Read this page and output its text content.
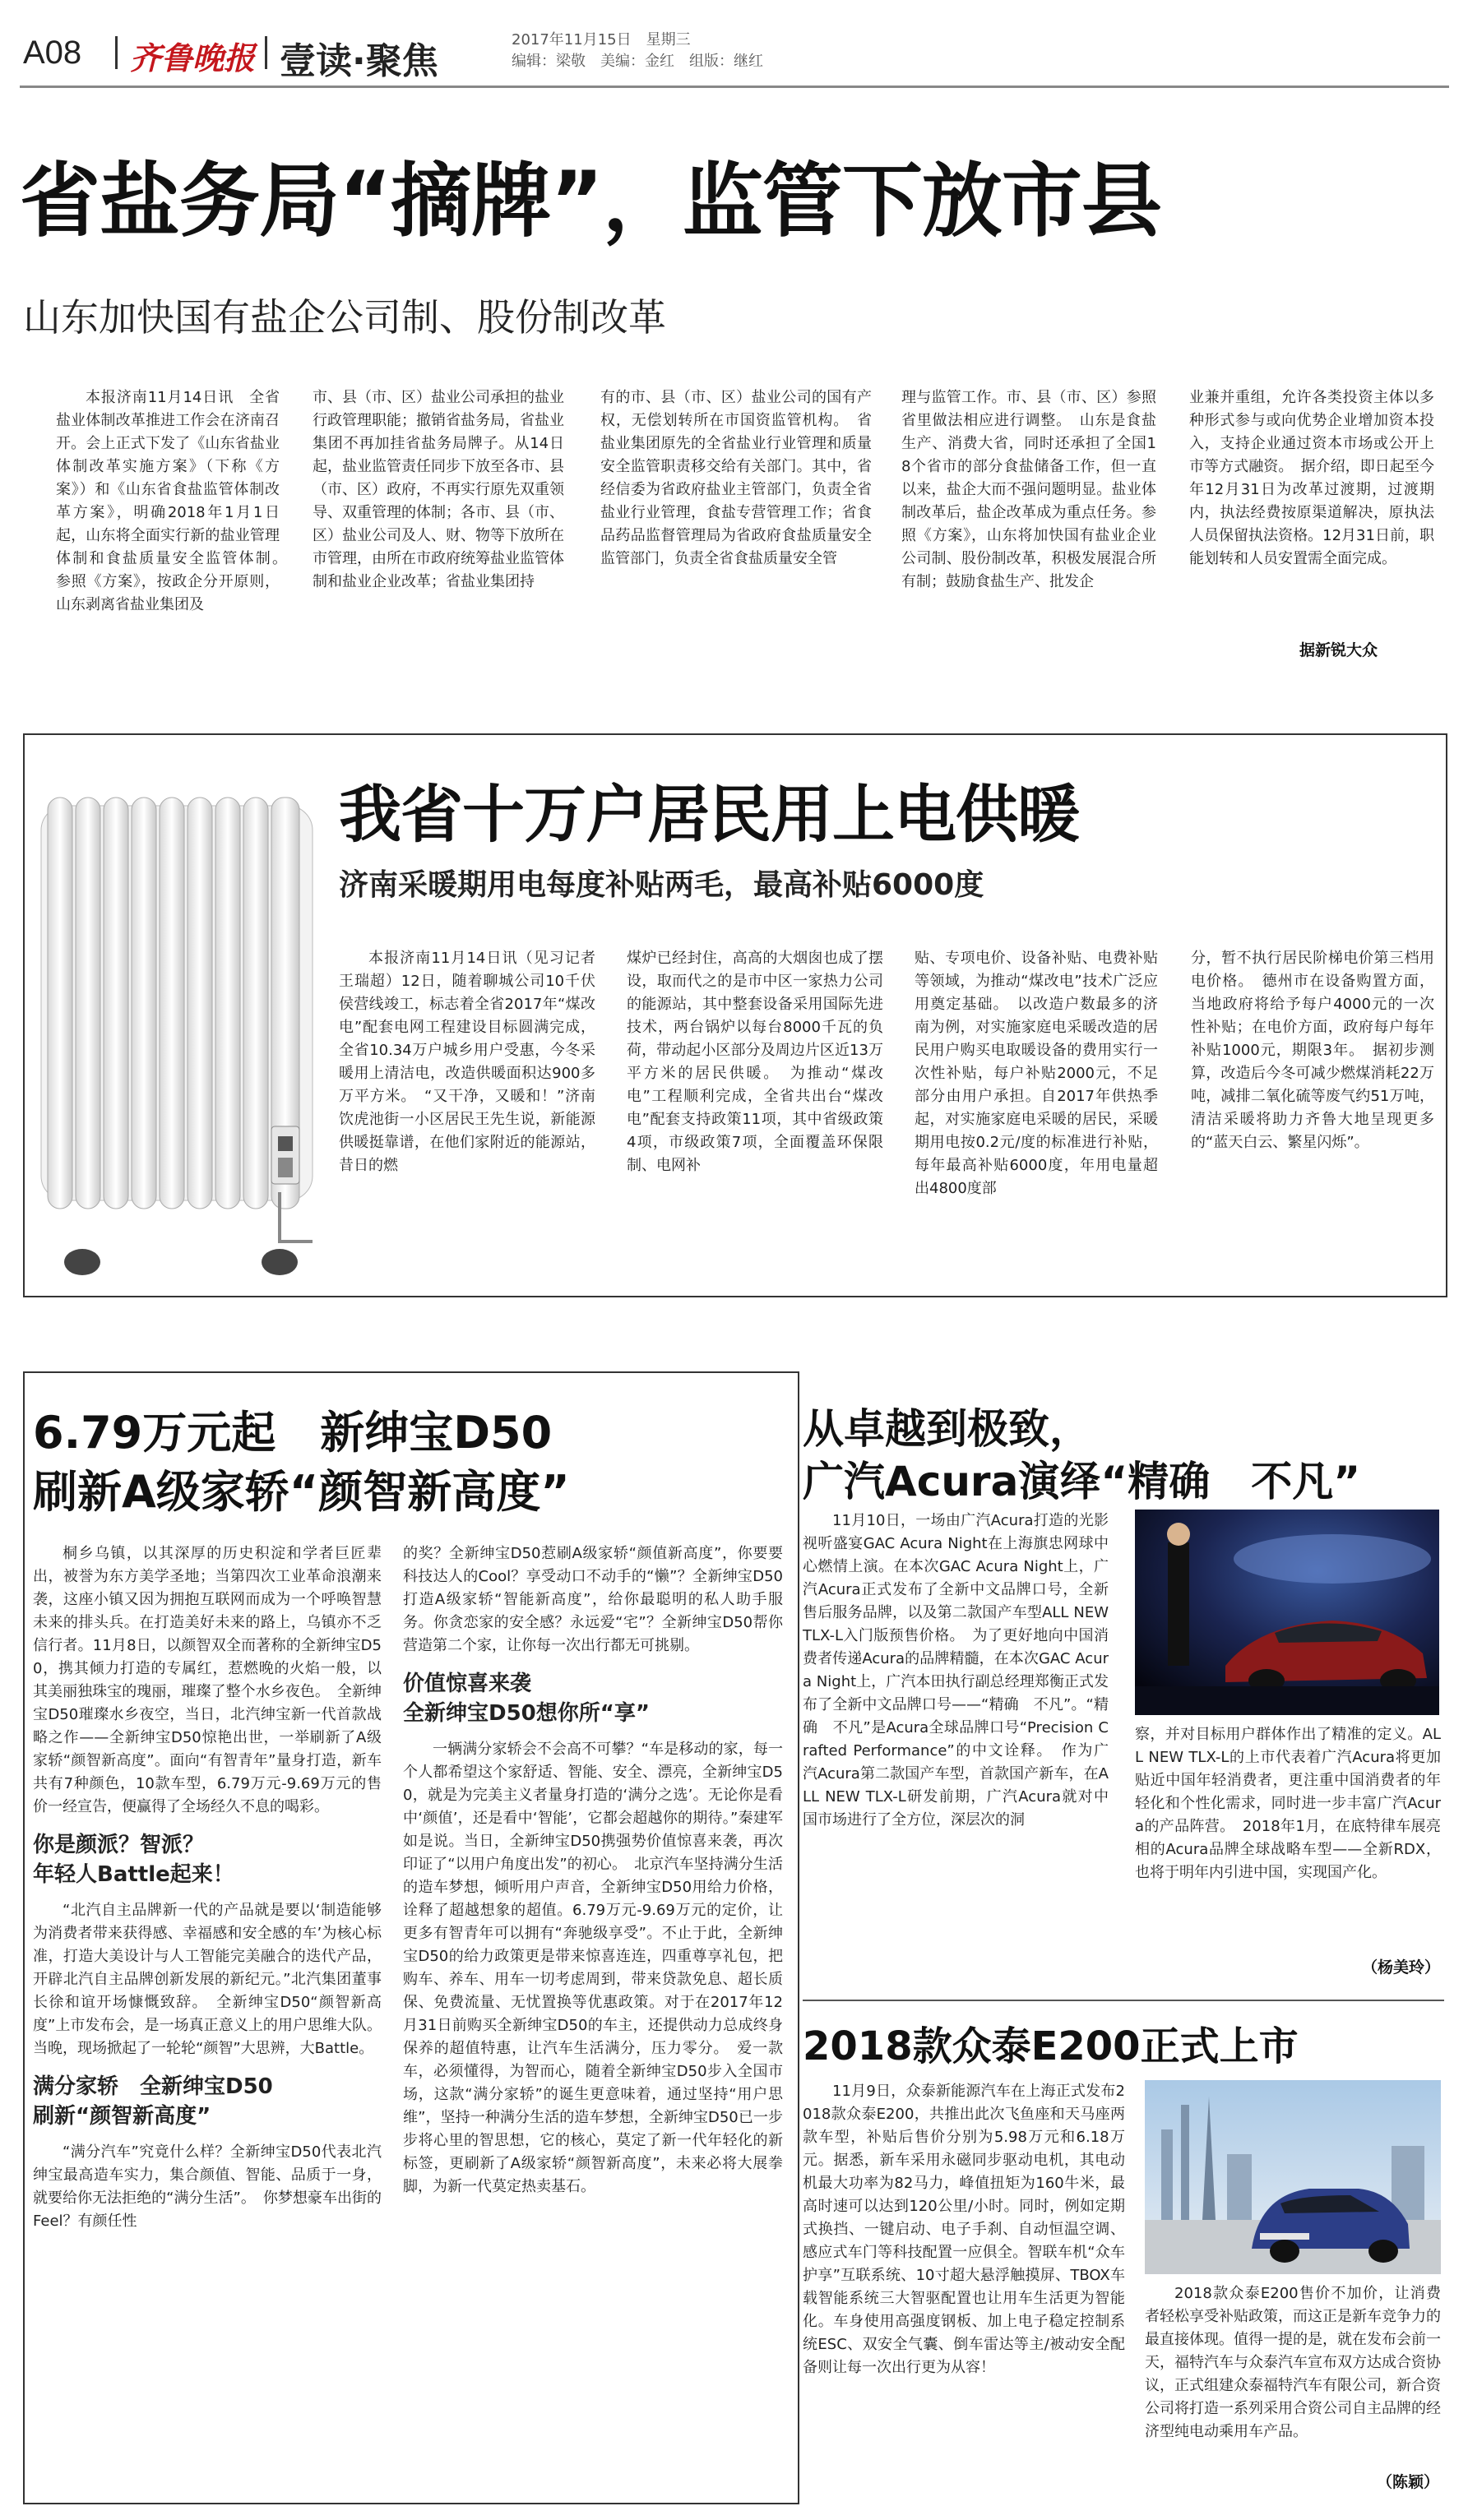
A08 齐鲁晚报 壹读·聚焦
2017年11月15日　星期三
编辑：梁敬　美编：金红　组版：继红
省盐务局“摘牌”，监管下放市县
山东加快国有盐企公司制、股份制改革

本报济南11月14日讯　全省盐业体制改革推进工作会在济南召开。会上正式下发了《山东省盐业体制改革实施方案》（下称《方案》）和《山东省食盐监管体制改革方案》，明确2018年1月1日起，山东将全面实行新的盐业管理体制和食盐质量安全监管体制。　参照《方案》，按政企分开原则，山东剥离省盐业集团及

市、县（市、区）盐业公司承担的盐业行政管理职能；撤销省盐务局，省盐业集团不再加挂省盐务局牌子。从14日起，盐业监管责任同步下放至各市、县（市、区）政府，不再实行原先双重领导、双重管理的体制；各市、县（市、区）盐业公司及人、财、物等下放所在市管理，由所在市政府统筹盐业监管体制和盐业企业改革；省盐业集团持

有的市、县（市、区）盐业公司的国有产权，无偿划转所在市国资监管机构。　省盐业集团原先的全省盐业行业管理和质量安全监管职责移交给有关部门。其中，省经信委为省政府盐业主管部门，负责全省盐业行业管理，食盐专营管理工作；省食品药品监督管理局为省政府食盐质量安全监管部门，负责全省食盐质量安全管

理与监管工作。市、县（市、区）参照省里做法相应进行调整。　山东是食盐生产、消费大省，同时还承担了全国18个省市的部分食盐储备工作，但一直以来，盐企大而不强问题明显。盐业体制改革后，盐企改革成为重点任务。参照《方案》，山东将加快国有盐业企业公司制、股份制改革，积极发展混合所有制；鼓励食盐生产、批发企

业兼并重组，允许各类投资主体以多种形式参与或向优势企业增加资本投入，支持企业通过资本市场或公开上市等方式融资。　据介绍，即日起至今年12月31日为改革过渡期，过渡期内，执法经费按原渠道解决，原执法人员保留执法资格。12月31日前，职能划转和人员安置需全面完成。

据新锐大众
我省十万户居民用上电供暖
济南采暖期用电每度补贴两毛，最高补贴6000度

本报济南11月14日讯（见习记者　王瑞超）12日，随着聊城公司10千伏侯营线竣工，标志着全省2017年“煤改电”配套电网工程建设目标圆满完成，全省10.34万户城乡用户受惠，今冬采暖用上清洁电，改造供暖面积达900多万平方米。　“又干净，又暖和！”济南饮虎池街一小区居民王先生说，新能源供暖挺靠谱，在他们家附近的能源站，昔日的燃

煤炉已经封住，高高的大烟囱也成了摆设，取而代之的是市中区一家热力公司的能源站，其中整套设备采用国际先进技术，两台锅炉以每台8000千瓦的负荷，带动起小区部分及周边片区近13万平方米的居民供暖。　为推动“煤改电”工程顺利完成，全省共出台“煤改电”配套支持政策11项，其中省级政策4项，市级政策7项，全面覆盖环保限制、电网补

贴、专项电价、设备补贴、电费补贴等领域，为推动“煤改电”技术广泛应用奠定基础。　以改造户数最多的济南为例，对实施家庭电采暖改造的居民用户购买电取暖设备的费用实行一次性补贴，每户补贴2000元，不足部分由用户承担。自2017年供热季起，对实施家庭电采暖的居民，采暖期用电按0.2元/度的标准进行补贴，每年最高补贴6000度，年用电量超出4800度部

分，暂不执行居民阶梯电价第三档用电价格。　德州市在设备购置方面，当地政府将给予每户4000元的一次性补贴；在电价方面，政府每户每年补贴1000元，期限3年。　据初步测算，改造后今冬可减少燃煤消耗22万吨，减排二氧化硫等废气约51万吨，清洁采暖将助力齐鲁大地呈现更多的“蓝天白云、繁星闪烁”。

6.79万元起　新绅宝D50
刷新A级家轿“颜智新高度”

桐乡乌镇，以其深厚的历史积淀和学者巨匠辈出，被誉为东方美学圣地；当第四次工业革命浪潮来袭，这座小镇又因为拥抱互联网而成为一个呼唤智慧未来的排头兵。在打造美好未来的路上，乌镇亦不乏信行者。11月8日，以颜智双全而著称的全新绅宝D50，携其倾力打造的专属红，惹燃晚的火焰一般，以其美丽独珠宝的瑰丽，璀璨了整个水乡夜色。　全新绅宝D50璀璨水乡夜空，当日，北汽绅宝新一代首款战略之作——全新绅宝D50惊艳出世，一举刷新了A级家轿“颜智新高度”。面向“有智青年”量身打造，新车共有7种颜色，10款车型，6.79万元-9.69万元的售价一经宣告，便赢得了全场经久不息的喝彩。

你是颜派？智派？
年轻人Battle起来！

“北汽自主品牌新一代的产品就是要以‘制造能够为消费者带来获得感、幸福感和安全感的车’为核心标准，打造大美设计与人工智能完美融合的迭代产品，开辟北汽自主品牌创新发展的新纪元。”北汽集团董事长徐和谊开场慷慨致辞。　全新绅宝D50“颜智新高度”上市发布会，是一场真正意义上的用户思维大队。当晚，现场掀起了一轮轮“颜智”大思辨，大Battle。

满分家轿　全新绅宝D50
刷新“颜智新高度”

“满分汽车”究竟什么样？全新绅宝D50代表北汽绅宝最高造车实力，集合颜值、智能、品质于一身，就要给你无法拒绝的“满分生活”。　你梦想豪车出街的Feel？有颜任性

的奖？全新绅宝D50惹刷A级家轿“颜值新高度”，你要要科技达人的Cool？享受动口不动手的“懒”？全新绅宝D50打造A级家轿“智能新高度”，给你最聪明的私人助手服务。你贪恋家的安全感？永远爱“宅”？全新绅宝D50帮你营造第二个家，让你每一次出行都无可挑剔。

价值惊喜来袭
全新绅宝D50想你所“享”

一辆满分家轿会不会高不可攀？“车是移动的家，每一个人都希望这个家舒适、智能、安全、漂亮，全新绅宝D50，就是为完美主义者量身打造的‘满分之选’。无论你是看中‘颜值’，还是看中‘智能’，它都会超越你的期待。”秦建军如是说。当日，全新绅宝D50携强势价值惊喜来袭，再次印证了“以用户角度出发”的初心。　北京汽车坚持满分生活的造车梦想，倾听用户声音，全新绅宝D50用给力价格，诠释了超越想象的超值。6.79万元-9.69万元的定价，让更多有智青年可以拥有“奔驰级享受”。不止于此，全新绅宝D50的给力政策更是带来惊喜连连，四重尊享礼包，把购车、养车、用车一切考虑周到，带来贷款免息、超长质保、免费流量、无忧置换等优惠政策。对于在2017年12月31日前购买全新绅宝D50的车主，还提供动力总成终身保养的超值特惠，让汽车生活满分，压力零分。　爱一款车，必须懂得，为智而心，随着全新绅宝D50步入全国市场，这款“满分家轿”的诞生更意味着，通过坚持“用户思维”，坚持一种满分生活的造车梦想，全新绅宝D50已一步步将心里的智思想，它的核心，莫定了新一代年轻化的新标签，更刷新了A级家轿“颜智新高度”，未来必将大展拳脚，为新一代莫定热卖基石。

从卓越到极致，
广汽Acura演绎“精确　不凡”

11月10日，一场由广汽Acura打造的光影视听盛宴GAC Acura Night在上海旗忠网球中心燃情上演。在本次GAC Acura Night上，广汽Acura正式发布了全新中文品牌口号，全新售后服务品牌，以及第二款国产车型ALL NEW TLX-L入门版预售价格。　为了更好地向中国消费者传递Acura的品牌精髓，在本次GAC Acura Night上，广汽本田执行副总经理郑衡正式发布了全新中文品牌口号——“精确　不凡”。“精确　不凡”是Acura全球品牌口号“Precision Crafted Performance”的中文诠释。　作为广汽Acura第二款国产车型，首款国产新车，在ALL NEW TLX-L研发前期，广汽Acura就对中国市场进行了全方位，深层次的洞

察，并对目标用户群体作出了精准的定义。ALL NEW TLX-L的上市代表着广汽Acura将更加贴近中国年轻消费者，更注重中国消费者的年轻化和个性化需求，同时进一步丰富广汽Acura的产品阵营。　2018年1月，在底特律车展亮相的Acura品牌全球战略车型——全新RDX，也将于明年内引进中国，实现国产化。

（杨美玲）
2018款众泰E200正式上市

11月9日，众泰新能源汽车在上海正式发布2018款众泰E200，共推出此次飞鱼座和天马座两款车型，补贴后售价分别为5.98万元和6.18万元。据悉，新车采用永磁同步驱动电机，其电动机最大功率为82马力，峰值扭矩为160牛米，最高时速可以达到120公里/小时。同时，例如定期式换挡、一键启动、电子手刹、自动恒温空调、感应式车门等科技配置一应俱全。智联车机“众车护享”互联系统、10寸超大悬浮触摸屏、TBOX车载智能系统三大智驱配置也让用车生活更为智能化。车身使用高强度钢板、加上电子稳定控制系统ESC、双安全气囊、倒车雷达等主/被动安全配备则让每一次出行更为从容！

2018款众泰E200售价不加价，让消费者轻松享受补贴政策，而这正是新车竞争力的最直接体现。值得一提的是，就在发布会前一天，福特汽车与众泰汽车宣布双方达成合资协议，正式组建众泰福特汽车有限公司，新合资公司将打造一系列采用合资公司自主品牌的经济型纯电动乘用车产品。

（陈颖）
